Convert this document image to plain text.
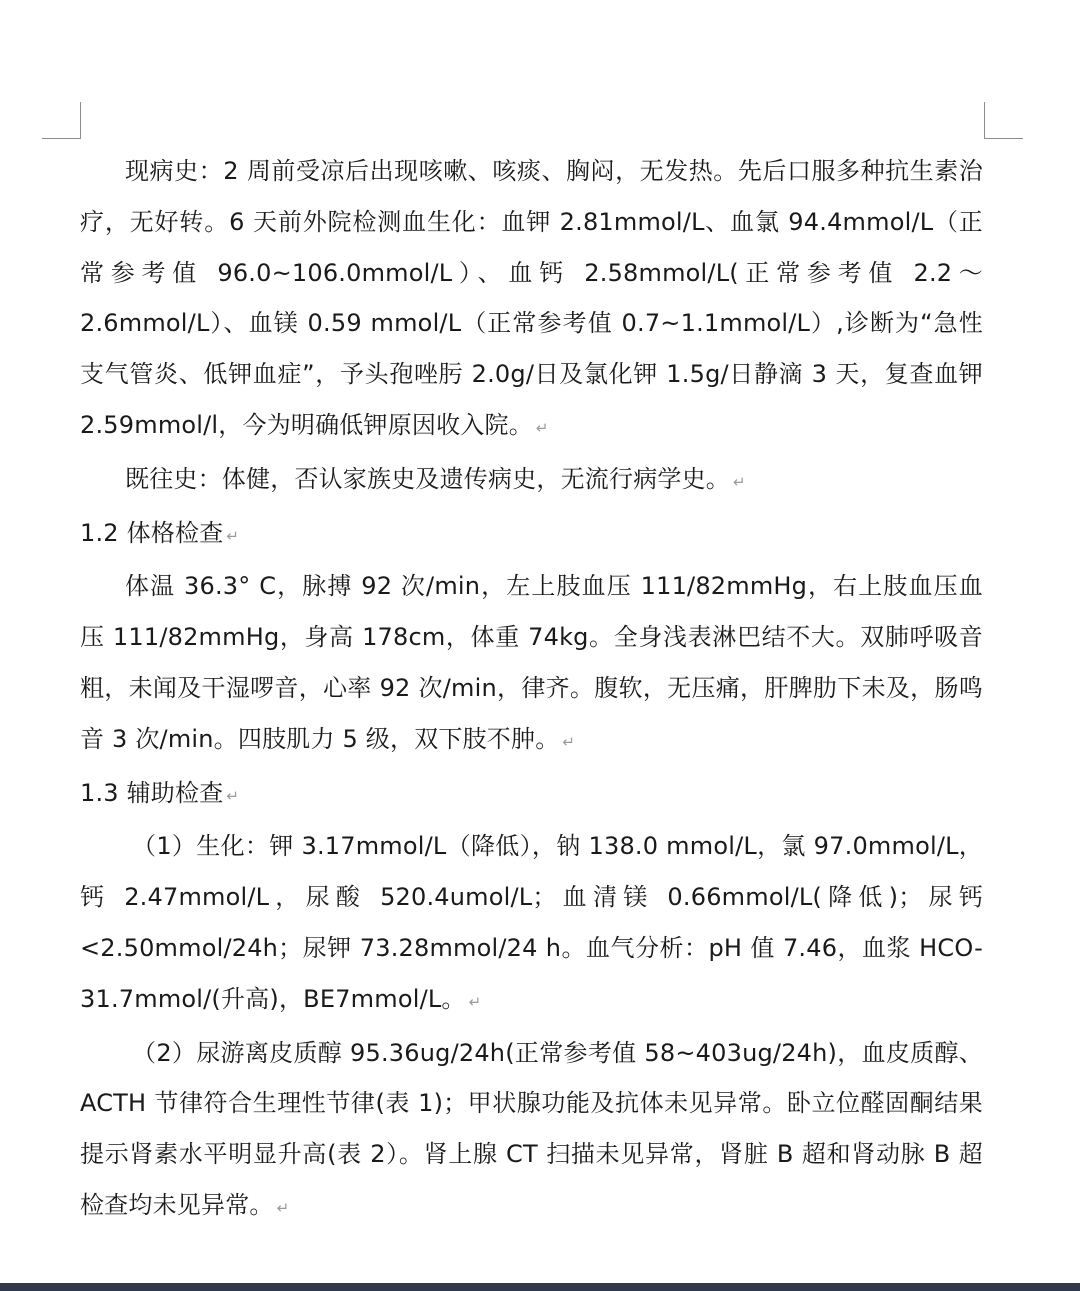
现病史：2 周前受凉后出现咳嗽、咳痰、胸闷，无发热。先后口服多种抗生素治疗，无好转。6 天前外院检测血生化：血钾 2.81mmol/L、血氯 94.4mmol/L（正常参考值 96.0~106.0mmol/L）、血钙 2.58mmol/L(正常参考值 2.2～2.6mmol/L）、血镁 0.59 mmol/L（正常参考值 0.7~1.1mmol/L）,诊断为“急性支气管炎、低钾血症”，予头孢唑肟 2.0g/日及氯化钾 1.5g/日静滴 3 天，复查血钾 2.59mmol/l，今为明确低钾原因收入院。 ↵

既往史：体健，否认家族史及遗传病史，无流行病学史。 ↵

1.2 体格检查 ↵

体温 36.3° C，脉搏 92 次/min，左上肢血压 111/82mmHg，右上肢血压血压 111/82mmHg，身高 178cm，体重 74kg。全身浅表淋巴结不大。双肺呼吸音粗，未闻及干湿啰音，心率 92 次/min，律齐。腹软，无压痛，肝脾肋下未及，肠鸣音 3 次/min。四肢肌力 5 级，双下肢不肿。 ↵

1.3 辅助检查 ↵

（1）生化：钾 3.17mmol/L（降低），钠 138.0 mmol/L，氯 97.0mmol/L，钙 2.47mmol/L，尿酸 520.4umol/L；血清镁 0.66mmol/L(降低)；尿钙<2.50mmol/24h；尿钾 73.28mmol/24 h。血气分析：pH 值 7.46，血浆 HCO-31.7mmol/(升高)，BE7mmol/L。 ↵

（2）尿游离皮质醇 95.36ug/24h(正常参考值 58~403ug/24h)，血皮质醇、ACTH 节律符合生理性节律(表 1)；甲状腺功能及抗体未见异常。卧立位醛固酮结果提示肾素水平明显升高(表 2）。肾上腺 CT 扫描未见异常，肾脏 B 超和肾动脉 B 超检查均未见异常。 ↵
